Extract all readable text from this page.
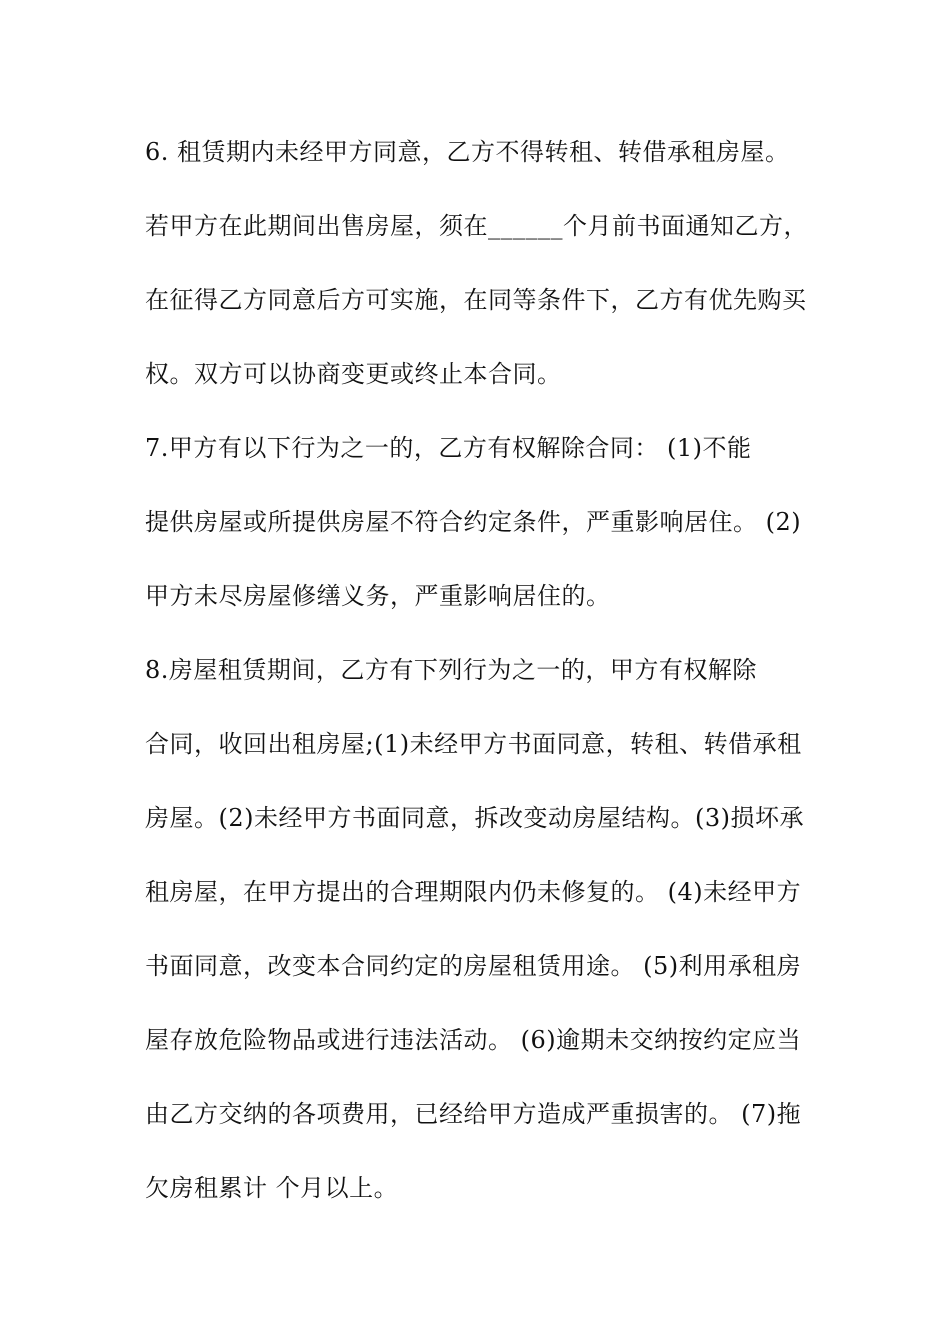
6. 租赁期内未经甲方同意，乙方不得转租、转借承租房屋。
若甲方在此期间出售房屋，须在______个月前书面通知乙方，
在征得乙方同意后方可实施，在同等条件下，乙方有优先购买
权。双方可以协商变更或终止本合同。
7.甲方有以下行为之一的，乙方有权解除合同： (1)不能
提供房屋或所提供房屋不符合约定条件，严重影响居住。 (2)
甲方未尽房屋修缮义务，严重影响居住的。
8.房屋租赁期间，乙方有下列行为之一的，甲方有权解除
合同，收回出租房屋;(1)未经甲方书面同意，转租、转借承租
房屋。(2)未经甲方书面同意，拆改变动房屋结构。(3)损坏承
租房屋，在甲方提出的合理期限内仍未修复的。 (4)未经甲方
书面同意，改变本合同约定的房屋租赁用途。 (5)利用承租房
屋存放危险物品或进行违法活动。 (6)逾期未交纳按约定应当
由乙方交纳的各项费用，已经给甲方造成严重损害的。 (7)拖
欠房租累计 个月以上。
